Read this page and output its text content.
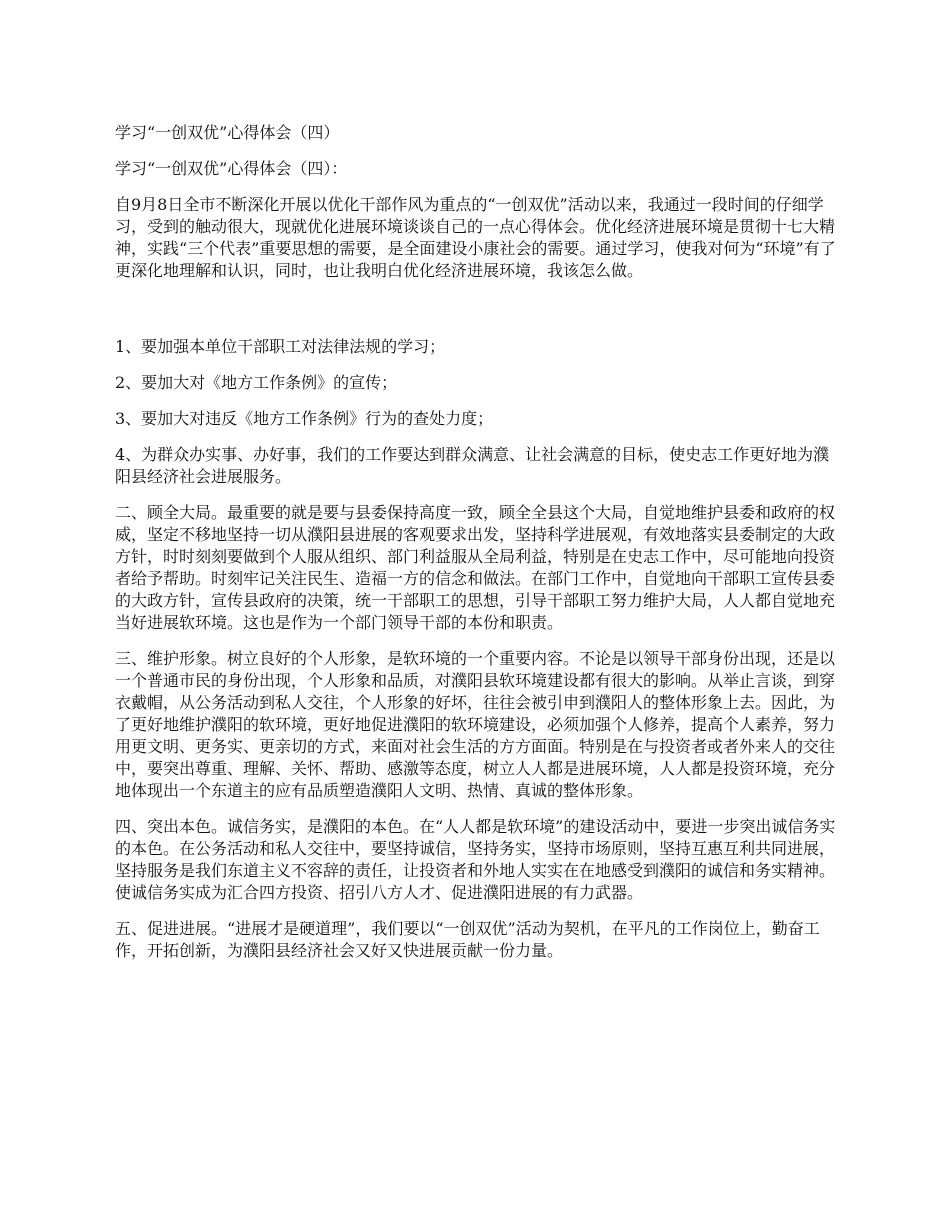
学习“一创双优”心得体会（四）

学习“一创双优”心得体会（四）：

自9月8日全市不断深化开展以优化干部作风为重点的“一创双优”活动以来，我通过一段时间的仔细学习，受到的触动很大，现就优化进展环境谈谈自己的一点心得体会。优化经济进展环境是贯彻十七大精神，实践“三个代表”重要思想的需要，是全面建设小康社会的需要。通过学习，使我对何为“环境”有了更深化地理解和认识，同时，也让我明白优化经济进展环境，我该怎么做。

1、要加强本单位干部职工对法律法规的学习；

2、要加大对《地方工作条例》的宣传；

3、要加大对违反《地方工作条例》行为的查处力度；

4、为群众办实事、办好事，我们的工作要达到群众满意、让社会满意的目标，使史志工作更好地为濮阳县经济社会进展服务。

二、顾全大局。最重要的就是要与县委保持高度一致，顾全全县这个大局，自觉地维护县委和政府的权威，坚定不移地坚持一切从濮阳县进展的客观要求出发，坚持科学进展观，有效地落实县委制定的大政方针，时时刻刻要做到个人服从组织、部门利益服从全局利益，特别是在史志工作中，尽可能地向投资者给予帮助。时刻牢记关注民生、造福一方的信念和做法。在部门工作中，自觉地向干部职工宣传县委的大政方针，宣传县政府的决策，统一干部职工的思想，引导干部职工努力维护大局，人人都自觉地充当好进展软环境。这也是作为一个部门领导干部的本份和职责。

三、维护形象。树立良好的个人形象，是软环境的一个重要内容。不论是以领导干部身份出现，还是以一个普通市民的身份出现，个人形象和品质，对濮阳县软环境建设都有很大的影响。从举止言谈，到穿衣戴帽，从公务活动到私人交往，个人形象的好坏，往往会被引申到濮阳人的整体形象上去。因此，为了更好地维护濮阳的软环境，更好地促进濮阳的软环境建设，必须加强个人修养，提高个人素养，努力用更文明、更务实、更亲切的方式，来面对社会生活的方方面面。特别是在与投资者或者外来人的交往中，要突出尊重、理解、关怀、帮助、感激等态度，树立人人都是进展环境，人人都是投资环境，充分地体现出一个东道主的应有品质塑造濮阳人文明、热情、真诚的整体形象。

四、突出本色。诚信务实，是濮阳的本色。在“人人都是软环境”的建设活动中，要进一步突出诚信务实的本色。在公务活动和私人交往中，要坚持诚信，坚持务实，坚持市场原则，坚持互惠互利共同进展，坚持服务是我们东道主义不容辞的责任，让投资者和外地人实实在在地感受到濮阳的诚信和务实精神。使诚信务实成为汇合四方投资、招引八方人才、促进濮阳进展的有力武器。

五、促进进展。“进展才是硬道理”，我们要以“一创双优”活动为契机，在平凡的工作岗位上，勤奋工作，开拓创新，为濮阳县经济社会又好又快进展贡献一份力量。
